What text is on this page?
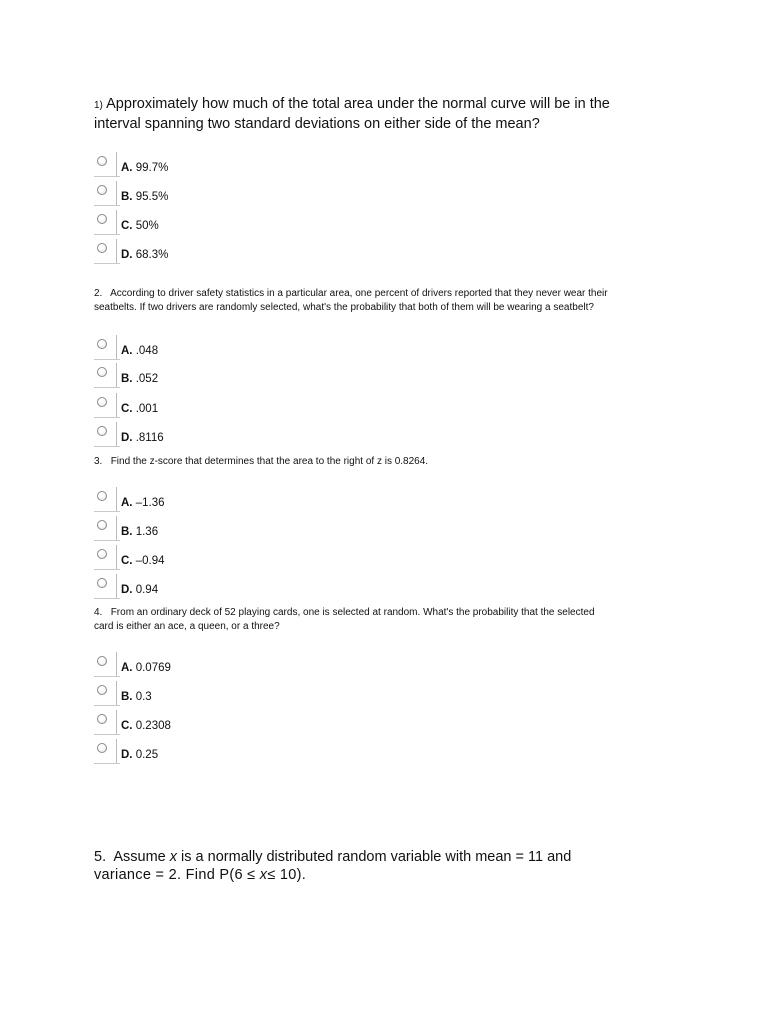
1) Approximately how much of the total area under the normal curve will be in the
interval spanning two standard deviations on either side of the mean?

A. 99.7%
B. 95.5%
C. 50%
D. 68.3%

2. According to driver safety statistics in a particular area, one percent of drivers reported that they never wear their
seatbelts. If two drivers are randomly selected, what's the probability that both of them will be wearing a seatbelt?

A. .048
B. .052
C. .001
D. .8116

3. Find the z-score that determines that the area to the right of z is 0.8264.

A. –1.36
B. 1.36
C. –0.94
D. 0.94

4. From an ordinary deck of 52 playing cards, one is selected at random. What's the probability that the selected
card is either an ace, a queen, or a three?

A. 0.0769
B. 0.3
C. 0.2308
D. 0.25

5. Assume x is a normally distributed random variable with mean = 11 and
variance = 2. Find P(6 ≤ x≤ 10).
